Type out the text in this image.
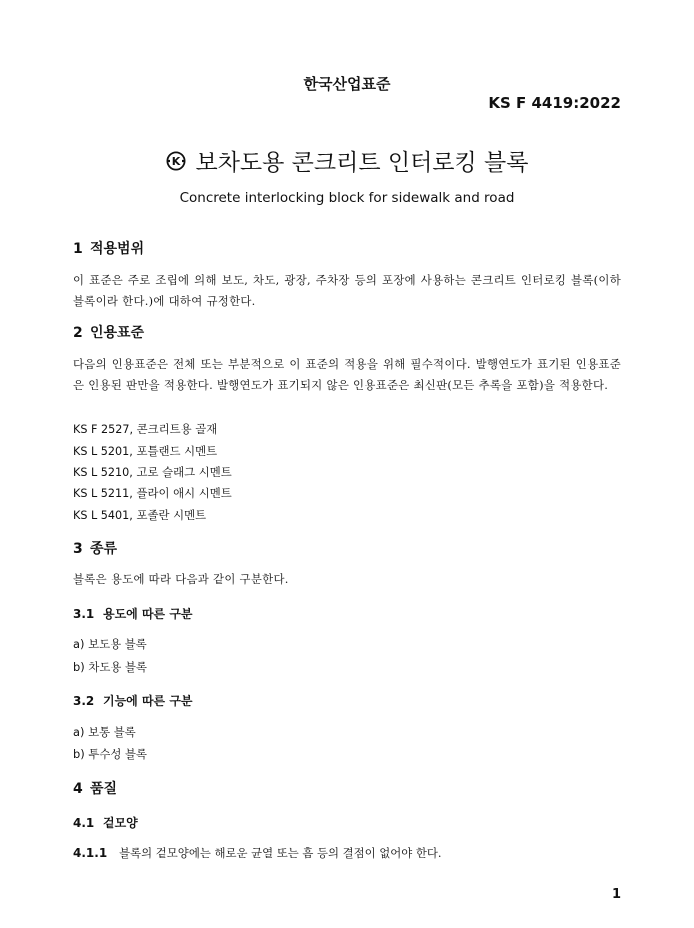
한국산업표준
KS F 4419:2022
K 보차도용 콘크리트 인터로킹 블록
Concrete interlocking block for sidewalk and road
1 적용범위
이 표준은 주로 조립에 의해 보도, 차도, 광장, 주차장 등의 포장에 사용하는 콘크리트 인터로킹 블록(이하 블록이라 한다.)에 대하여 규정한다.
2 인용표준
다음의 인용표준은 전체 또는 부분적으로 이 표준의 적용을 위해 필수적이다. 발행연도가 표기된 인용표준은 인용된 판만을 적용한다. 발행연도가 표기되지 않은 인용표준은 최신판(모든 추록을 포함)을 적용한다.
KS F 2527, 콘크리트용 골재
KS L 5201, 포틀랜드 시멘트
KS L 5210, 고로 슬래그 시멘트
KS L 5211, 플라이 애시 시멘트
KS L 5401, 포졸란 시멘트
3 종류
블록은 용도에 따라 다음과 같이 구분한다.
3.1 용도에 따른 구분
a) 보도용 블록
b) 차도용 블록
3.2 기능에 따른 구분
a) 보통 블록
b) 투수성 블록
4 품질
4.1 겉모양
4.1.1 블록의 겉모양에는 해로운 균열 또는 흠 등의 결점이 없어야 한다.
1
